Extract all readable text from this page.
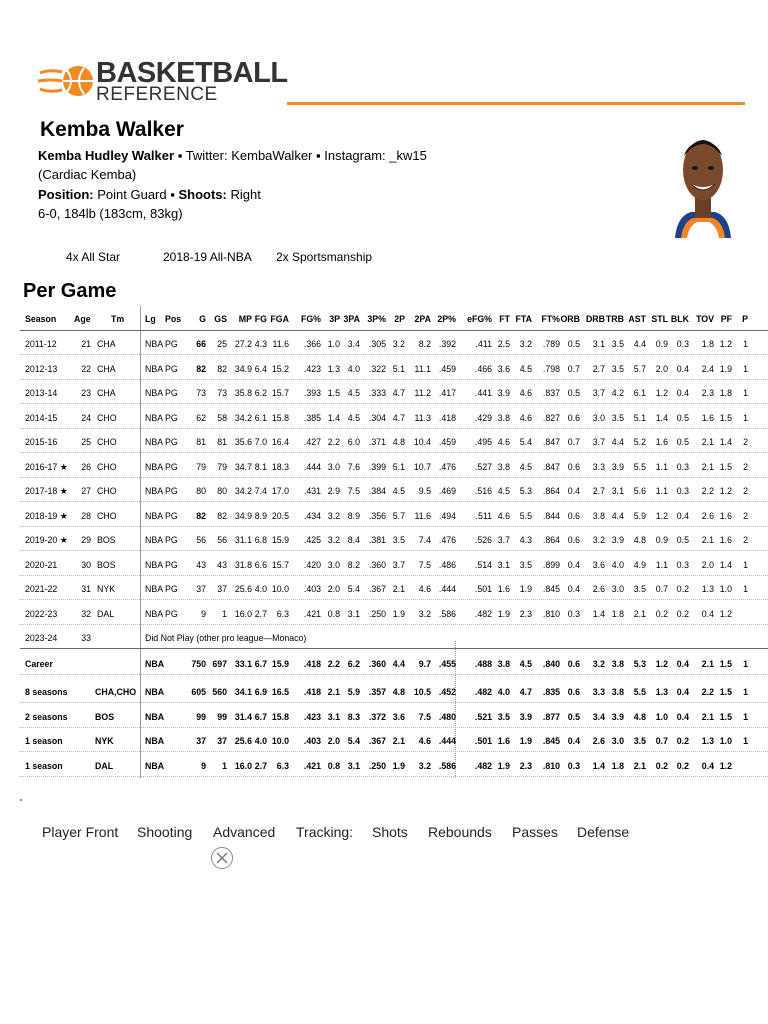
BASKETBALL
REFERENCE
Kemba Walker
Kemba Hudley Walker ▪ Twitter: KembaWalker ▪ Instagram: _kw15
(Cardiac Kemba)
Position: Point Guard ▪ Shoots: Right
6-0, 184lb (183cm, 83kg)
4x All Star	2018-19 All-NBA 2x Sportsmanship
Per Game
Season Age Tm Lg Pos G GS MP FG FGA FG% 3P 3PA 3P% 2P 2PA 2P% eFG% FT FTA FT% ORB DRB TRB AST STL BLK TOV PF P
2011-12	21 CHA	NBA PG 66 25 27.2 4.3 11.6 .366 1.0 3.4 .305 3.2 8.2 .392 .411 2.5 3.2 .789 0.5 3.1 3.5 4.4 0.9 0.3 1.8 1.2 1
2012-13	22 CHA	NBA PG 82 82 34.9 6.4 15.2 .423 1.3 4.0 .322 5.1 11.1 .459 .466 3.6 4.5 .798 0.7 2.7 3.5 5.7 2.0 0.4 2.4 1.9 1
2013-14	23 CHA	NBA PG 73 73 35.8 6.2 15.7 .393 1.5 4.5 .333 4.7 11.2 .417 .441 3.9 4.6 .837 0.5 3.7 4.2 6.1 1.2 0.4 2.3 1.8 1
2014-15	24 CHO	NBA PG 62 58 34.2 6.1 15.8 .385 1.4 4.5 .304 4.7 11.3 .418 .429 3.8 4.6 .827 0.6 3.0 3.5 5.1 1.4 0.5 1.6 1.5 1
2015-16	25 CHO	NBA PG 81 81 35.6 7.0 16.4 .427 2.2 6.0 .371 4.8 10.4 .459 .495 4.6 5.4 .847 0.7 3.7 4.4 5.2 1.6 0.5 2.1 1.4 2
2016-17 ★ 26 CHO	NBA PG 79 79 34.7 8.1 18.3 .444 3.0 7.6 .399 5.1 10.7 .476 .527 3.8 4.5 .847 0.6 3.3 3.9 5.5 1.1 0.3 2.1 1.5 2
2017-18 ★ 27 CHO	NBA PG 80 80 34.2 7.4 17.0 .431 2.9 7.5 .384 4.5 9.5 .469 .516 4.5 5.3 .864 0.4 2.7 3.1 5.6 1.1 0.3 2.2 1.2 2
2018-19 ★ 28 CHO	NBA PG 82 82 34.9 8.9 20.5 .434 3.2 8.9 .356 5.7 11.6 .494 .511 4.6 5.5 .844 0.6 3.8 4.4 5.9 1.2 0.4 2.6 1.6 2
2019-20 ★ 29 BOS	NBA PG 56 56 31.1 6.8 15.9 .425 3.2 8.4 .381 3.5 7.4 .476 .526 3.7 4.3 .864 0.6 3.2 3.9 4.8 0.9 0.5 2.1 1.6 2
2020-21	30 BOS	NBA PG 43 43 31.8 6.6 15.7 .420 3.0 8.2 .360 3.7 7.5 .486 .514 3.1 3.5 .899 0.4 3.6 4.0 4.9 1.1 0.3 2.0 1.4 1
2021-22	31 NYK	NBA PG 37 37 25.6 4.0 10.0 .403 2.0 5.4 .367 2.1 4.6 .444 .501 1.6 1.9 .845 0.4 2.6 3.0 3.5 0.7 0.2 1.3 1.0 1
2022-23	32 DAL	NBA PG	9 1 16.0 2.7 6.3 .421 0.8 3.1 .250 1.9 3.2 .586 .482 1.9 2.3 .810 0.3 1.4 1.8 2.1 0.2 0.2 0.4 1.2
2023-24	33	Did Not Play (other pro league—Monaco)
Career	NBA	750 697 33.1 6.7 15.9 .418 2.2 6.2 .360 4.4 9.7 .455 .488 3.8 4.5 .840 0.6 3.2 3.8 5.3 1.2 0.4 2.1 1.5 1
8 seasons	CHA,CHO NBA	605 560 34.1 6.9 16.5 .418 2.1 5.9 .357 4.8 10.5 .452 .482 4.0 4.7 .835 0.6 3.3 3.8 5.5 1.3 0.4 2.2 1.5 1
2 seasons	BOS	NBA	99 99 31.4 6.7 15.8 .423 3.1 8.3 .372 3.6 7.5 .480 .521 3.5 3.9 .877 0.5 3.4 3.9 4.8 1.0 0.4 2.1 1.5 1
1 season	NYK	NBA	37 37 25.6 4.0 10.0 .403 2.0 5.4 .367 2.1 4.6 .444 .501 1.6 1.9 .845 0.4 2.6 3.0 3.5 0.7 0.2 1.3 1.0 1
1 season	DAL	NBA	9 1 16.0 2.7 6.3 .421 0.8 3.1 .250 1.9 3.2 .586 .482 1.9 2.3 .810 0.3 1.4 1.8 2.1 0.2 0.2 0.4 1.2
Player Front Shooting Advanced Tracking: Shots Rebounds Passes Defense
